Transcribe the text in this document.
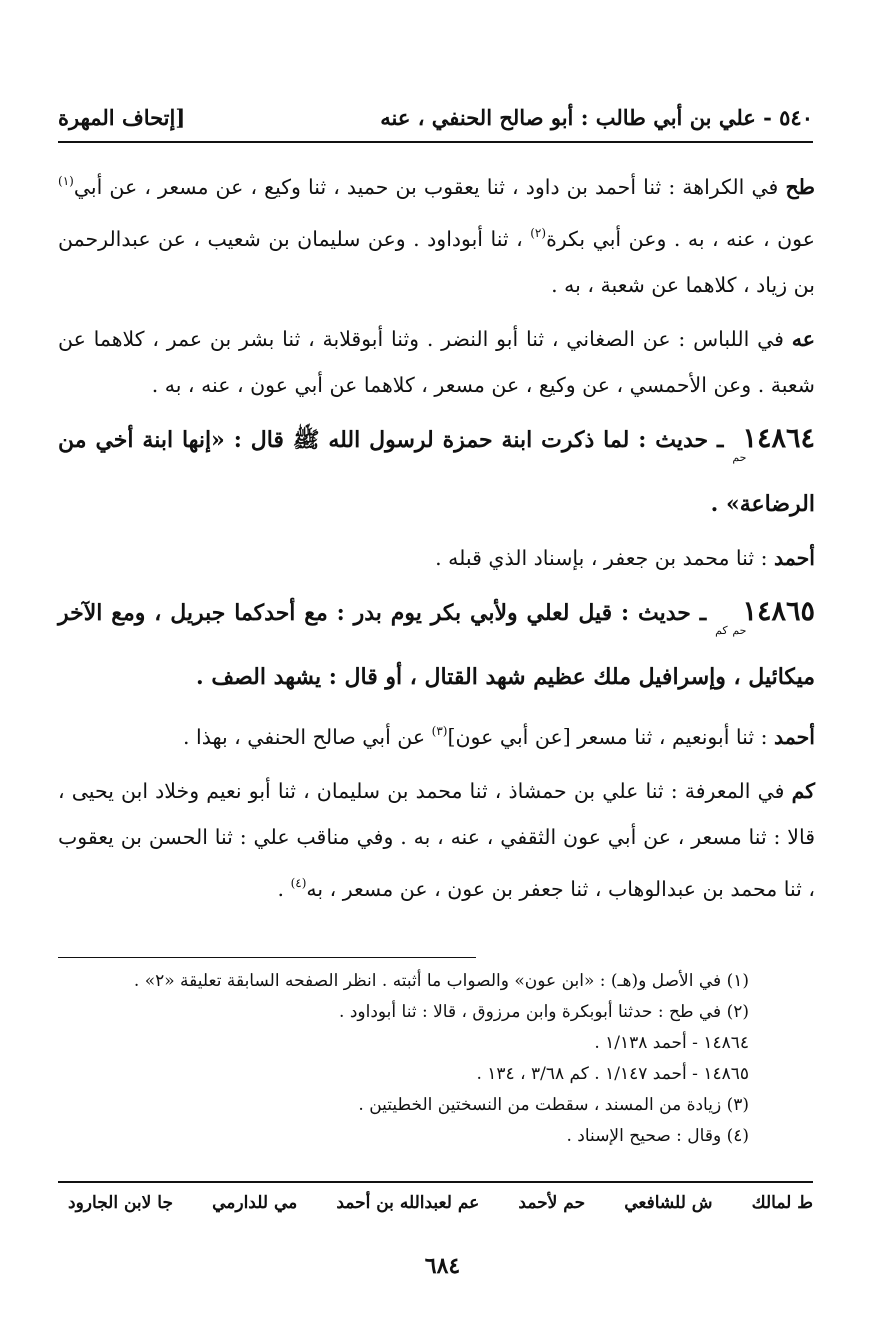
٥٤٠ - علي بن أبي طالب : أبو صالح الحنفي ، عنه
[إتحاف المهرة

طح في الكراهة : ثنا أحمد بن داود ، ثنا يعقوب بن حميد ، ثنا وكيع ، عن مسعر ، عن أبي$^{(١)}$ عون ، عنه ، به . وعن أبي بكرة$^{(٢)}$ ، ثنا أبوداود . وعن سليمان بن شعيب ، عن عبدالرحمن بن زياد ، كلاهما عن شعبة ، به .

عه في اللباس : عن الصغاني ، ثنا أبو النضر . وثنا أبوقلابة ، ثنا بشر بن عمر ، كلاهما عن شعبة . وعن الأحمسي ، عن وكيع ، عن مسعر ، كلاهما عن أبي عون ، عنه ، به .

$١٤٨٦٤_{حم}$ ـ حديث : لما ذكرت ابنة حمزة لرسول الله ﷺ قال : «إنها ابنة أخي من الرضاعة» .

أحمد : ثنا محمد بن جعفر ، بإسناد الذي قبله .

$١٤٨٦٥_{حم كم}$ ـ حديث : قيل لعلي ولأبي بكر يوم بدر : مع أحدكما جبريل ، ومع الآخر ميكائيل ، وإسرافيل ملك عظيم شهد القتال ، أو قال : يشهد الصف .

أحمد : ثنا أبونعيم ، ثنا مسعر [عن أبي عون]$^{(٣)}$ عن أبي صالح الحنفي ، بهذا .

كم في المعرفة : ثنا علي بن حمشاذ ، ثنا محمد بن سليمان ، ثنا أبو نعيم وخلاد ابن يحيى ، قالا : ثنا مسعر ، عن أبي عون الثقفي ، عنه ، به . وفي مناقب علي : ثنا الحسن بن يعقوب ، ثنا محمد بن عبدالوهاب ، ثنا جعفر بن عون ، عن مسعر ، به$^{(٤)}$ .

(١) في الأصل و(هـ) : «ابن عون» والصواب ما أثبته . انظر الصفحه السابقة تعليقة «٢» .
(٢) في طح : حدثنا أبوبكرة وابن مرزوق ، قالا : ثنا أبوداود .
١٤٨٦٤ - أحمد ١/١٣٨ .
١٤٨٦٥ - أحمد ١/١٤٧ . كم ٣/٦٨ ، ١٣٤ .
(٣) زيادة من المسند ، سقطت من النسختين الخطيتين .
(٤) وقال : صحيح الإسناد .
ط لمالك
ش للشافعي
حم لأحمد
عم لعبدالله بن أحمد
مي للدارمي
جا لابن الجارود
٦٨٤
